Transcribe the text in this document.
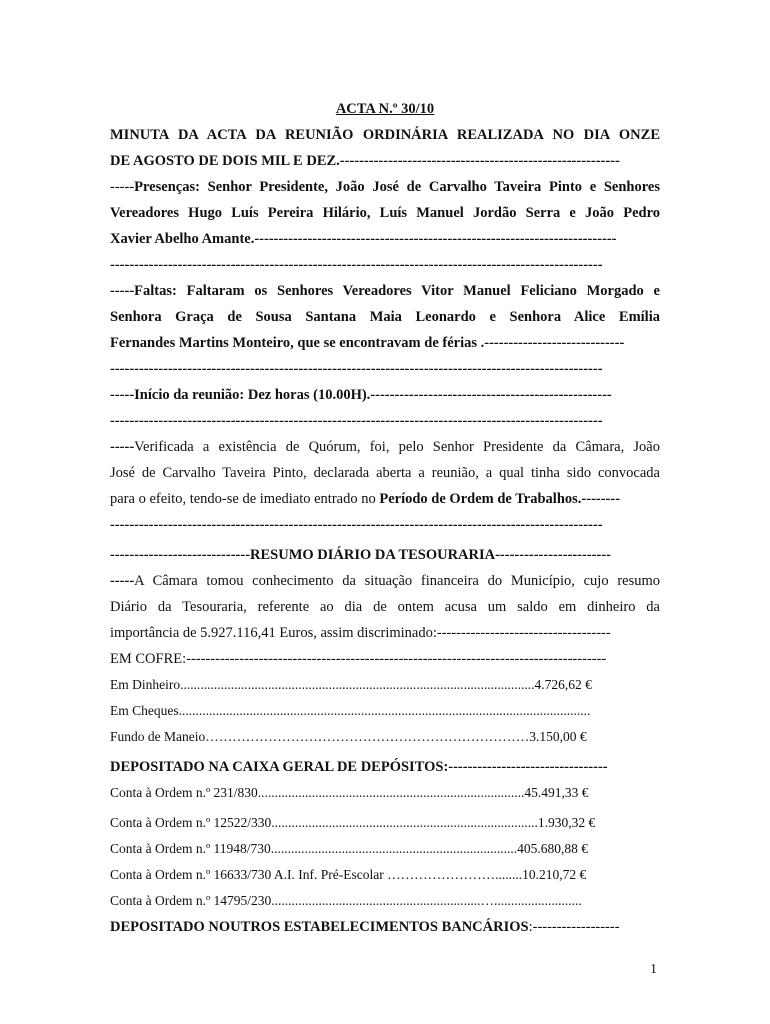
ACTA N.º 30/10

MINUTA DA ACTA DA REUNIÃO ORDINÁRIA REALIZADA NO DIA ONZE

DE AGOSTO DE DOIS MIL E DEZ.----------------------------------------------------------

-----Presenças: Senhor Presidente, João José de Carvalho Taveira Pinto e Senhores

Vereadores Hugo Luís Pereira Hilário, Luís Manuel Jordão Serra e João Pedro

Xavier Abelho Amante.---------------------------------------------------------------------------

------------------------------------------------------------------------------------------------------

-----Faltas: Faltaram os Senhores Vereadores Vitor Manuel Feliciano Morgado e

Senhora Graça de Sousa Santana Maia Leonardo e Senhora Alice Emília

Fernandes Martins Monteiro, que se encontravam de férias .-----------------------------

------------------------------------------------------------------------------------------------------

-----Início da reunião: Dez horas (10.00H).--------------------------------------------------

------------------------------------------------------------------------------------------------------

-----Verificada a existência de Quórum, foi, pelo Senhor Presidente da Câmara, João

José de Carvalho Taveira Pinto, declarada aberta a reunião, a qual tinha sido convocada

para o efeito, tendo-se de imediato entrado no Período de Ordem de Trabalhos.--------

------------------------------------------------------------------------------------------------------

-----------------------------RESUMO DIÁRIO DA TESOURARIA------------------------

-----A Câmara tomou conhecimento da situação financeira do Município, cujo resumo

Diário da Tesouraria, referente ao dia de ontem acusa um saldo em dinheiro da

importância de 5.927.116,41 Euros, assim discriminado:------------------------------------

EM COFRE:---------------------------------------------------------------------------------------

Em Dinheiro.........................................................................................................4.726,62 €

Em Cheques..........................................................................................................................

Fundo de Maneio………………………………………………………………3.150,00 €

DEPOSITADO NA CAIXA GERAL DE DEPÓSITOS:---------------------------------

Conta à Ordem n.º 231/830...............................................................................45.491,33 €

Conta à Ordem n.º 12522/330...............................................................................1.930,32 €

Conta à Ordem n.º 11948/730.........................................................................405.680,88 €

Conta à Ordem n.º 16633/730 A.I. Inf. Pré-Escolar ……………………........10.210,72 €

Conta à Ordem n.º 14795/230..............................................................…..........................

DEPOSITADO NOUTROS ESTABELECIMENTOS BANCÁRIOS:------------------

1
